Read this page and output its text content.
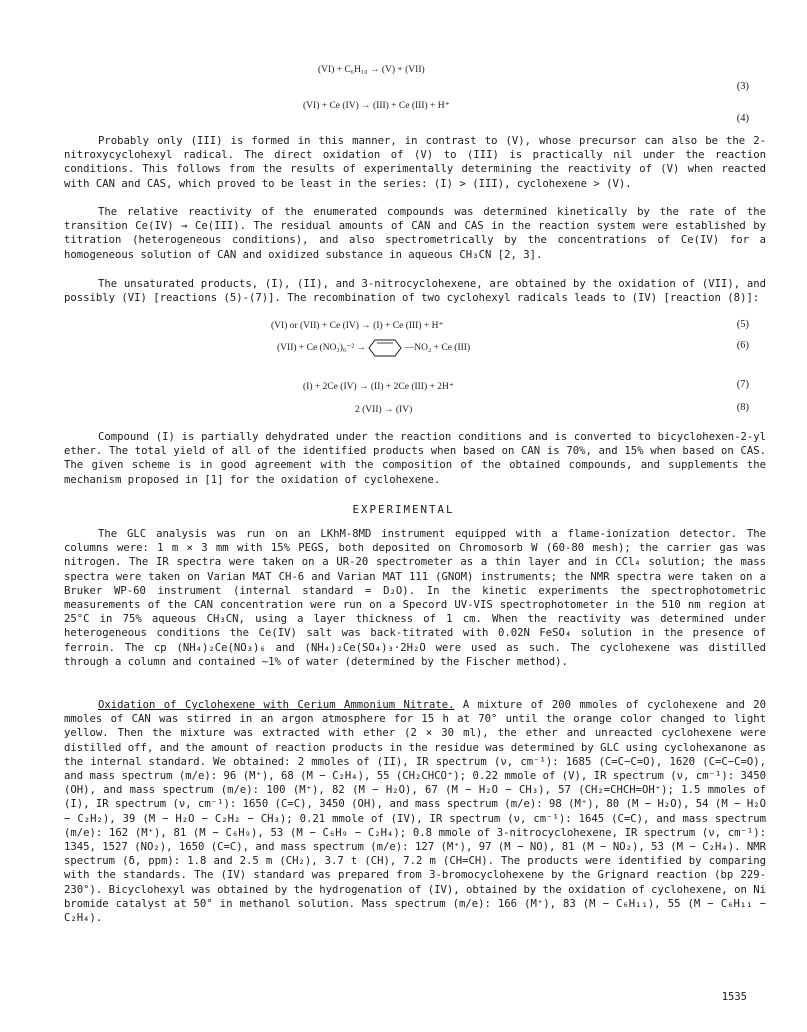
(VI) + C₆H₁₀ → (V) + (VII)
(3)
(VI) + Ce (IV) → (III) + Ce (III) + H⁺
(4)

Probably only (III) is formed in this manner, in contrast to (V), whose precursor can also be the 2-nitroxycyclohexyl radical. The direct oxidation of (V) to (III) is practically nil under the reaction conditions. This follows from the results of experimentally determining the reactivity of (V) when reacted with CAN and CAS, which proved to be least in the series: (I) > (III), cyclohexene > (V).

The relative reactivity of the enumerated compounds was determined kinetically by the rate of the transition Ce(IV) → Ce(III). The residual amounts of CAN and CAS in the reaction system were established by titration (heterogeneous conditions), and also spectrometrically by the concentrations of Ce(IV) for a homogeneous solution of CAN and oxidized substance in aqueous CH₃CN [2, 3].

The unsaturated products, (I), (II), and 3-nitrocyclohexene, are obtained by the oxidation of (VII), and possibly (VI) [reactions (5)-(7)]. The recombination of two cyclohexyl radicals leads to (IV) [reaction (8)]:

(VI) or (VII) + Ce (IV) → (I) + Ce (III) + H⁺	(5)
(VII) + Ce (NO₃)₆⁻² →	—NO₂ + Ce (III)	(6)
(I) + 2Ce (IV) → (II) + 2Ce (III) + 2H⁺	(7)
2 (VII) → (IV)	(8)

Compound (I) is partially dehydrated under the reaction conditions and is converted to bicyclohexen-2-yl ether. The total yield of all of the identified products when based on CAN is 70%, and 15% when based on CAS. The given scheme is in good agreement with the composition of the obtained compounds, and supplements the mechanism proposed in [1] for the oxidation of cyclohexene.

EXPERIMENTAL

The GLC analysis was run on an LKhM-8MD instrument equipped with a flame-ionization detector. The columns were: 1 m × 3 mm with 15% PEGS, both deposited on Chromosorb W (60-80 mesh); the carrier gas was nitrogen. The IR spectra were taken on a UR-20 spectrometer as a thin layer and in CCl₄ solution; the mass spectra were taken on Varian MAT CH-6 and Varian MAT 111 (GNOM) instruments; the NMR spectra were taken on a Bruker WP-60 instrument (internal standard = D₂O). In the kinetic experiments the spectrophotometric measurements of the CAN concentration were run on a Specord UV-VIS spectrophotometer in the 510 nm region at 25°C in 75% aqueous CH₃CN, using a layer thickness of 1 cm. When the reactivity was determined under heterogeneous conditions the Ce(IV) salt was back-titrated with 0.02N FeSO₄ solution in the presence of ferroin. The cp (NH₄)₂Ce(NO₃)₆ and (NH₄)₂Ce(SO₄)₃·2H₂O were used as such. The cyclohexene was distilled through a column and contained ~1% of water (determined by the Fischer method).

Oxidation of Cyclohexene with Cerium Ammonium Nitrate. A mixture of 200 mmoles of cyclohexene and 20 mmoles of CAN was stirred in an argon atmosphere for 15 h at 70° until the orange color changed to light yellow. Then the mixture was extracted with ether (2 × 30 ml), the ether and unreacted cyclohexene were distilled off, and the amount of reaction products in the residue was determined by GLC using cyclohexanone as the internal standard. We obtained: 2 mmoles of (II), IR spectrum (ν, cm⁻¹): 1685 (C=C−C=O), 1620 (C=C−C=O), and mass spectrum (m/e): 96 (M⁺), 68 (M − C₂H₄), 55 (CH₂CHCO⁺); 0.22 mmole of (V), IR spectrum (ν, cm⁻¹): 3450 (OH), and mass spectrum (m/e): 100 (M⁺), 82 (M − H₂O), 67 (M − H₂O − CH₃), 57 (CH₂=CHCH=OH⁺); 1.5 mmoles of (I), IR spectrum (ν, cm⁻¹): 1650 (C=C), 3450 (OH), and mass spectrum (m/e): 98 (M⁺), 80 (M − H₂O), 54 (M − H₂O − C₂H₂), 39 (M − H₂O − C₂H₂ − CH₃); 0.21 mmole of (IV), IR spectrum (ν, cm⁻¹): 1645 (C=C), and mass spectrum (m/e): 162 (M⁺), 81 (M − C₆H₉), 53 (M − C₆H₉ − C₂H₄); 0.8 mmole of 3-nitrocyclohexene, IR spectrum (ν, cm⁻¹): 1345, 1527 (NO₂), 1650 (C=C), and mass spectrum (m/e): 127 (M⁺), 97 (M − NO), 81 (M − NO₂), 53 (M − C₂H₄). NMR spectrum (δ, ppm): 1.8 and 2.5 m (CH₂), 3.7 t (CH), 7.2 m (CH=CH). The products were identified by comparing with the standards. The (IV) standard was prepared from 3-bromocyclohexene by the Grignard reaction (bp 229-230°). Bicyclohexyl was obtained by the hydrogenation of (IV), obtained by the oxidation of cyclohexene, on Ni bromide catalyst at 50° in methanol solution. Mass spectrum (m/e): 166 (M⁺), 83 (M − C₆H₁₁), 55 (M − C₆H₁₁ − C₂H₄).

1535
